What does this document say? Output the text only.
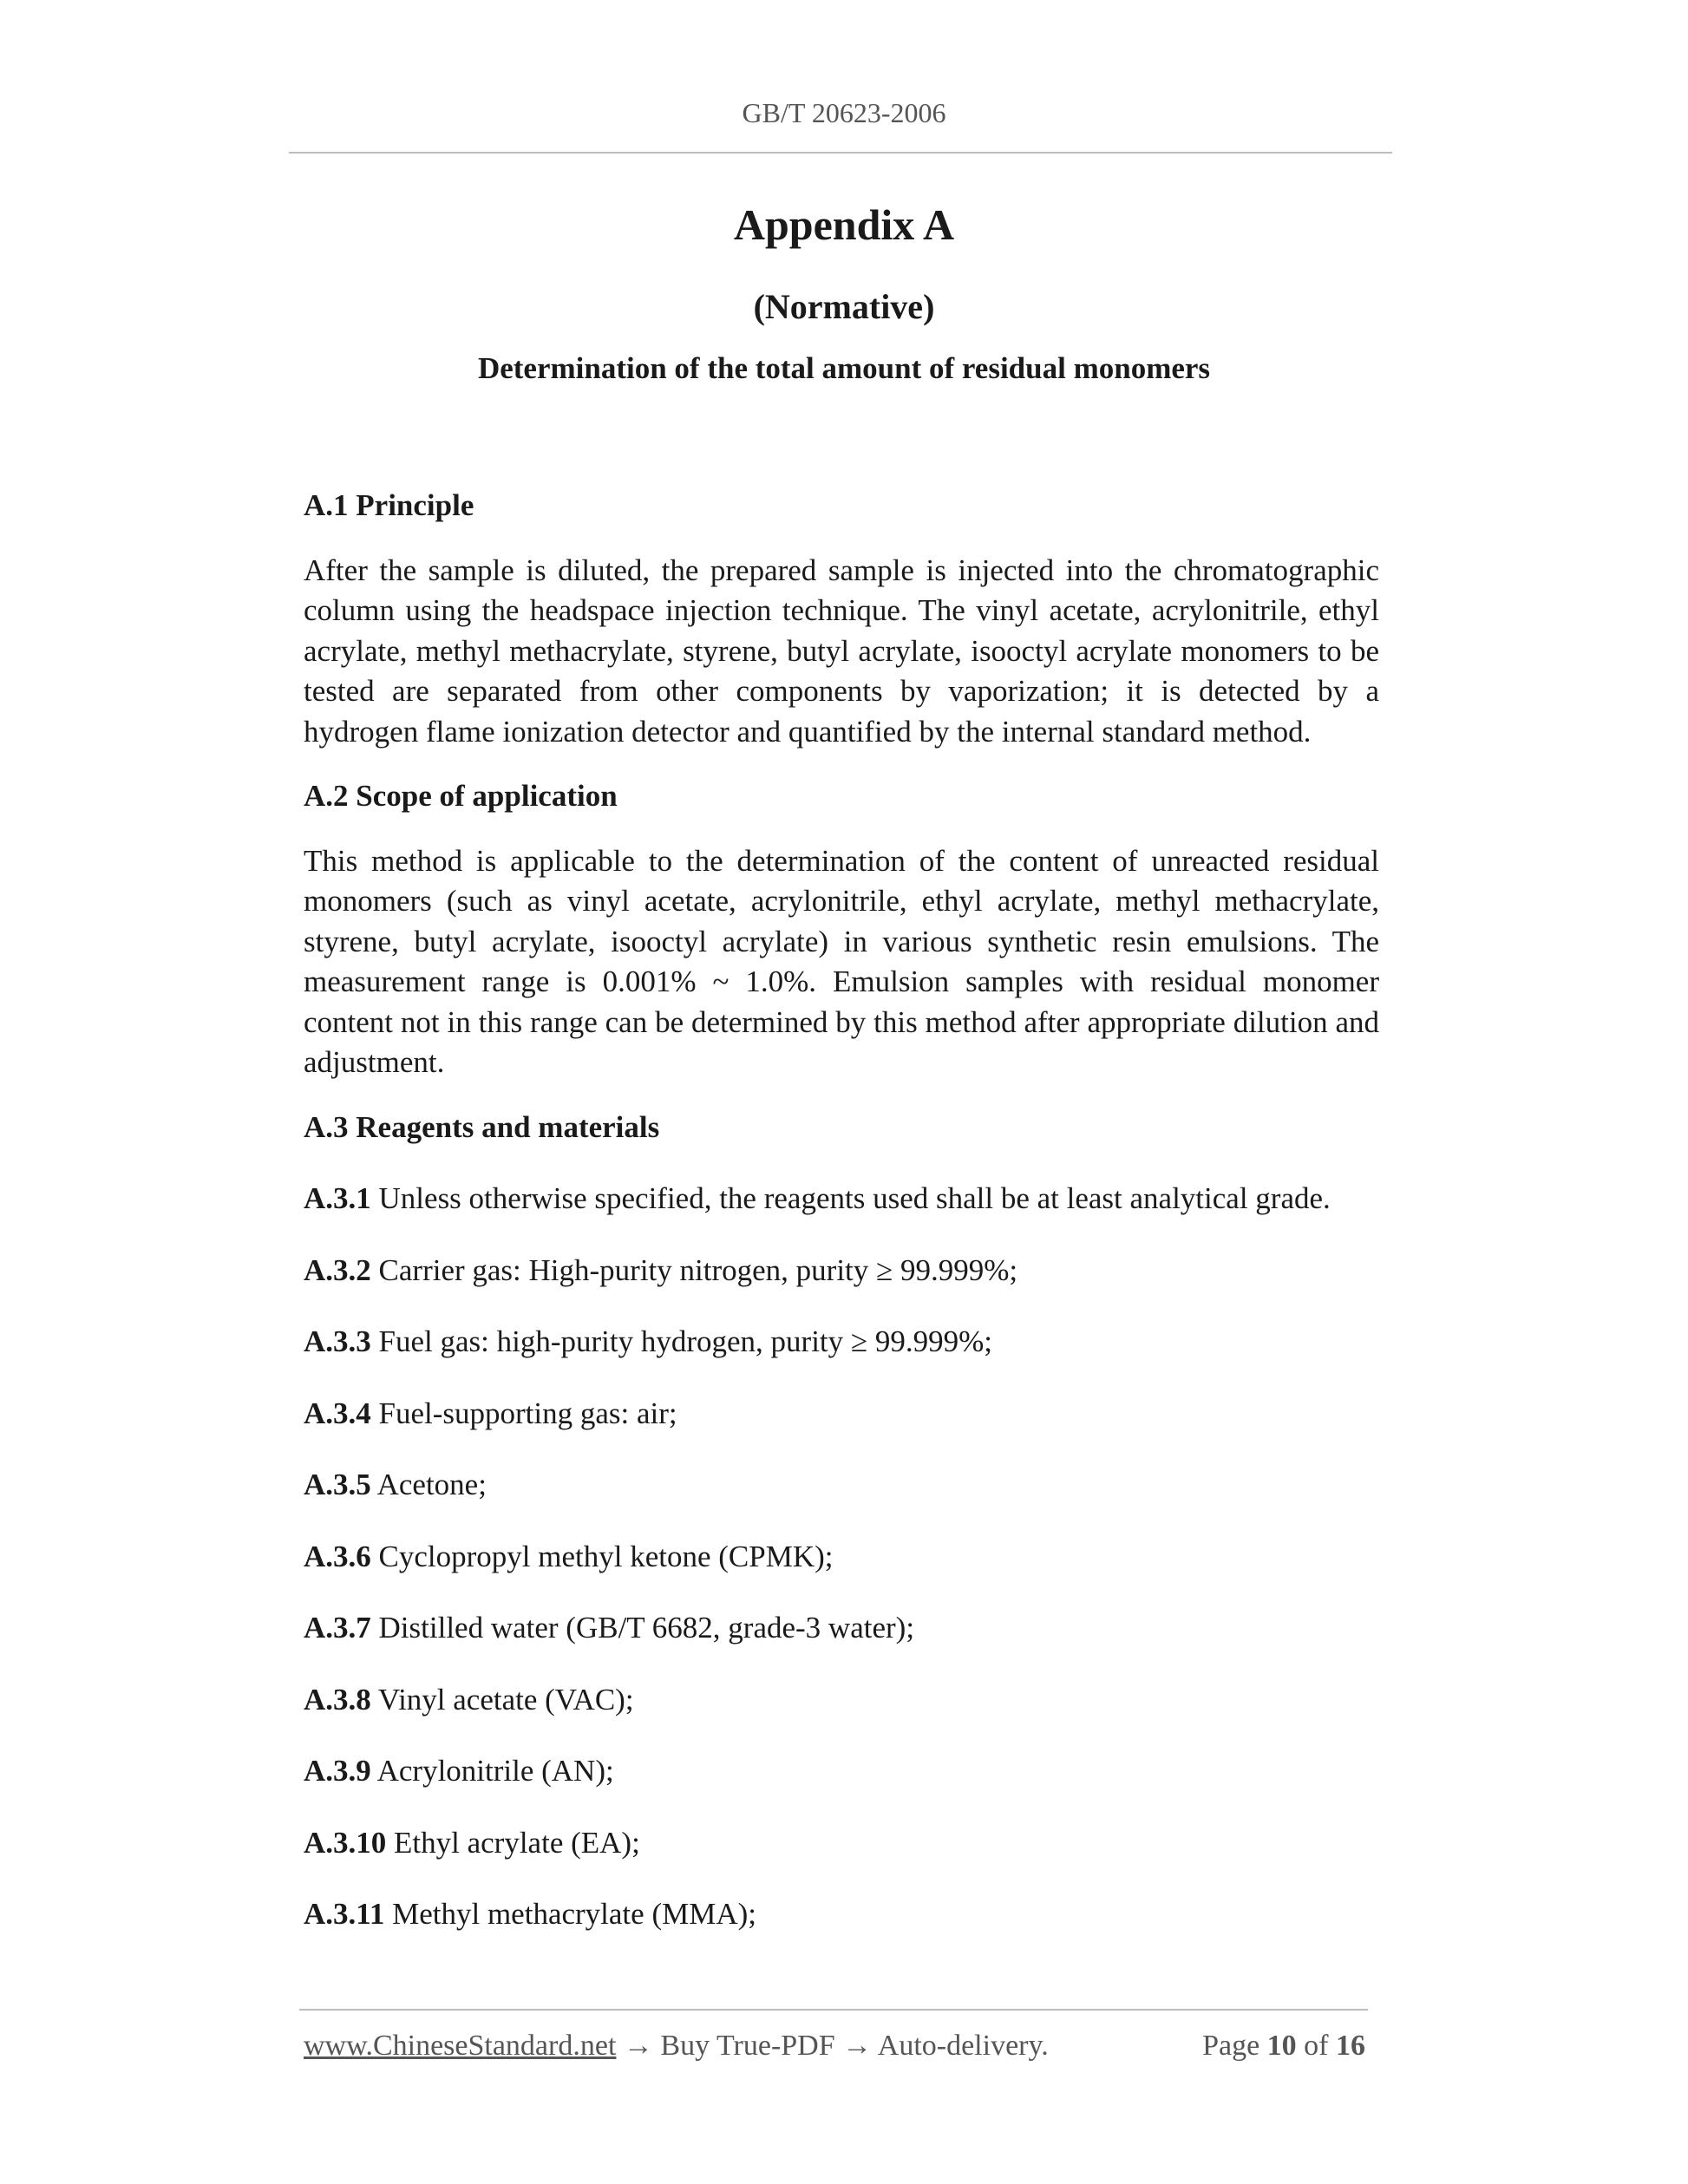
GB/T 20623-2006
Appendix A
(Normative)
Determination of the total amount of residual monomers

A.1 Principle

After the sample is diluted, the prepared sample is injected into the chromatographic column using the headspace injection technique. The vinyl acetate, acrylonitrile, ethyl acrylate, methyl methacrylate, styrene, butyl acrylate, isooctyl acrylate monomers to be tested are separated from other components by vaporization; it is detected by a hydrogen flame ionization detector and quantified by the internal standard method.

A.2 Scope of application

This method is applicable to the determination of the content of unreacted residual monomers (such as vinyl acetate, acrylonitrile, ethyl acrylate, methyl methacrylate, styrene, butyl acrylate, isooctyl acrylate) in various synthetic resin emulsions. The measurement range is 0.001% ~ 1.0%. Emulsion samples with residual monomer content not in this range can be determined by this method after appropriate dilution and adjustment.

A.3 Reagents and materials

A.3.1 Unless otherwise specified, the reagents used shall be at least analytical grade.

A.3.2 Carrier gas: High-purity nitrogen, purity ≥ 99.999%;

A.3.3 Fuel gas: high-purity hydrogen, purity ≥ 99.999%;

A.3.4 Fuel-supporting gas: air;

A.3.5 Acetone;

A.3.6 Cyclopropyl methyl ketone (CPMK);

A.3.7 Distilled water (GB/T 6682, grade-3 water);

A.3.8 Vinyl acetate (VAC);

A.3.9 Acrylonitrile (AN);

A.3.10 Ethyl acrylate (EA);

A.3.11 Methyl methacrylate (MMA);

www.ChineseStandard.net → Buy True-PDF → Auto-delivery.	Page 10 of 16
